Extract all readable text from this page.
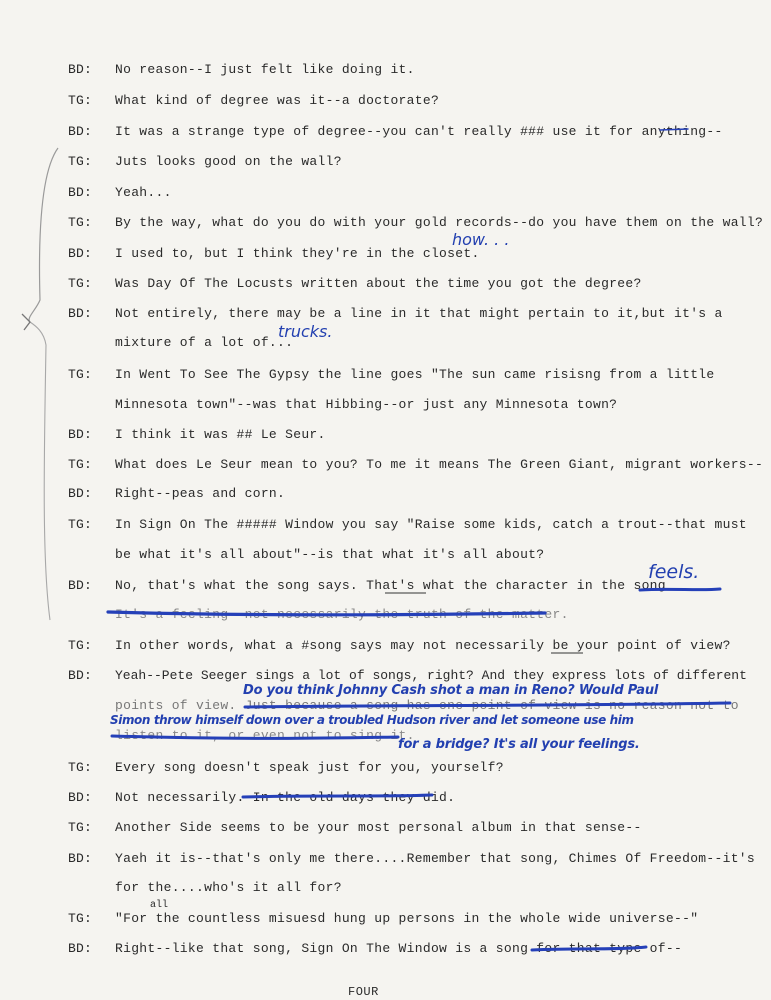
BD: No reason--I just felt like doing it.
TG: What kind of degree was it--a doctorate?
BD: It was a strange type of degree--you can't really ### use it for anything--
TG: Juts looks good on the wall?
BD: Yeah...
TG: By the way, what do you do with your gold records--do you have them on the wall?
BD: I used to, but I think they're in the closet.
TG: Was Day Of The Locusts written about the time you got the degree?
BD: Not entirely, there may be a line in it that might pertain to it,but it's a
mixture of a lot of...
TG: In Went To See The Gypsy the line goes "The sun came risisng from a little
Minnesota town"--was that Hibbing--or just any Minnesota town?
BD: I think it was ## Le Seur.
TG: What does Le Seur mean to you? To me it means The Green Giant, migrant workers--
BD: Right--peas and corn.
TG: In Sign On The ##### Window you say "Raise some kids, catch a trout--that must
be what it's all about"--is that what it's all about?
BD: No, that's what the song says. That's what the character in the song
It's a feeling--not necessarily the truth of the matter.
TG: In other words, what a #song says may not necessarily be your point of view?
BD: Yeah--Pete Seeger sings a lot of songs, right? And they express lots of different
points of view. Just because a song has one point of view is no reason not to
listen to it, or even not to sing it.
TG: Every song doesn't speak just for you, yourself?
BD: Not necessarily. In the old days they did.
TG: Another Side seems to be your most personal album in that sense--
BD: Yaeh it is--that's only me there....Remember that song, Chimes Of Freedom--it's
for the....who's it all for?
all
TG: "For the countless misuesd hung up persons in the whole wide universe--"
BD: Right--like that song, Sign On The Window is a song for that type of--
FOUR
how. . .
trucks.
feels.
Do you think Johnny Cash shot a man in Reno? Would Paul
Simon throw himself down over a troubled Hudson river and let someone use him
for a bridge? It's all your feelings.
